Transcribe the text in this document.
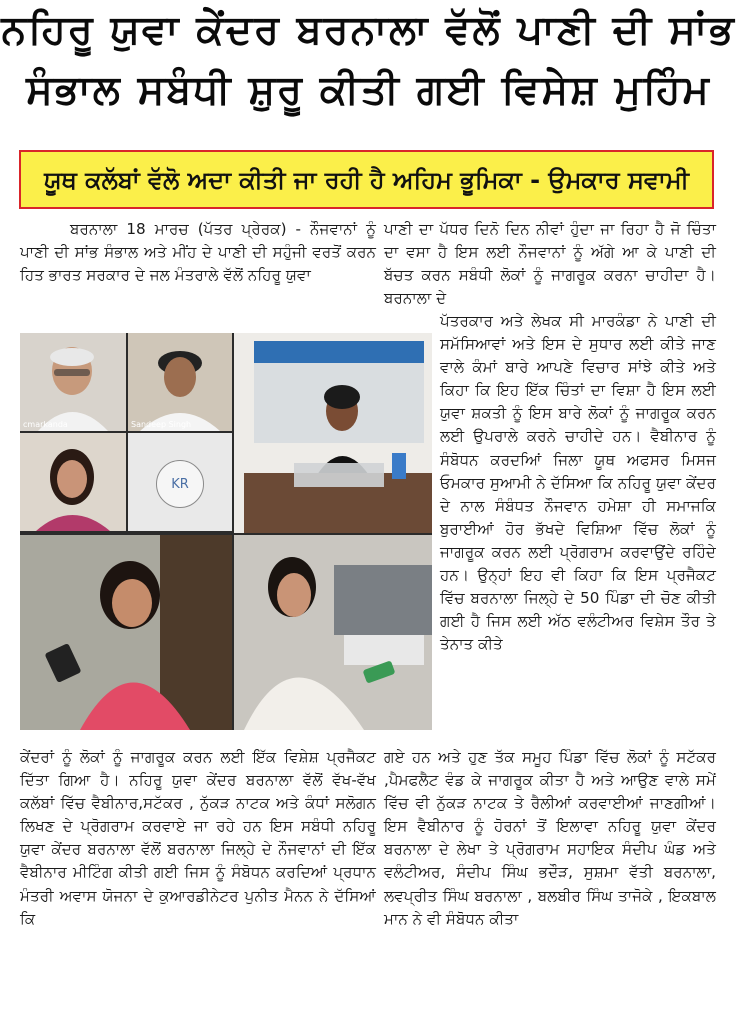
ਨਹਿਰੂ ਯੁਵਾ ਕੇਂਦਰ ਬਰਨਾਲਾ ਵੱਲੋਂ ਪਾਣੀ ਦੀ ਸਾਂਭ
ਸੰਭਾਲ ਸਬੰਧੀ ਸ਼ੁਰੂ ਕੀਤੀ ਗਈ ਵਿਸੇਸ਼ ਮੁਹਿੰਮ
ਯੂਥ ਕਲੱਬਾਂ ਵੱਲੋ ਅਦਾ ਕੀਤੀ ਜਾ ਰਹੀ ਹੈ ਅਹਿਮ ਭੂਮਿਕਾ - ਉਮਕਾਰ ਸਵਾਮੀ

ਬਰਨਾਲਾ 18 ਮਾਰਚ (ਪੱਤਰ ਪ੍ਰੇਰਕ) - ਨੌਜਵਾਨਾਂ ਨੂੰ ਪਾਣੀ ਦੀ ਸਾਂਭ ਸੰਭਾਲ ਅਤੇ ਮੀਂਹ ਦੇ ਪਾਣੀ ਦੀ ਸਹੁੰਜੀ ਵਰਤੋਂ ਕਰਨ ਹਿਤ ਭਾਰਤ ਸਰਕਾਰ ਦੇ ਜਲ ਮੰਤਰਾਲੇ ਵੱਲੋਂ ਨਹਿਰੂ ਯੁਵਾ

ਪਾਣੀ ਦਾ ਪੱਧਰ ਦਿਨੋ ਦਿਨ ਨੀਵਾਂ ਹੁੰਦਾ ਜਾ ਰਿਹਾ ਹੈ ਜੋ ਚਿੰਤਾ ਦਾ ਵਸਾ ਹੈ ਇਸ ਲਈ ਨੌਜਵਾਨਾਂ ਨੂੰ ਅੱਗੇ ਆ ਕੇ ਪਾਣੀ ਦੀ ਬੱਚਤ ਕਰਨ ਸਬੰਧੀ ਲੋਕਾਂ ਨੂੰ ਜਾਗਰੂਕ ਕਰਨਾ ਚਾਹੀਦਾ ਹੈ। ਬਰਨਾਲਾ ਦੇ

ਪੱਤਰਕਾਰ ਅਤੇ ਲੇਖਕ ਸੀ ਮਾਰਕੰਡਾ ਨੇ ਪਾਣੀ ਦੀ ਸਮੱਸਿਆਵਾਂ ਅਤੇ ਇਸ ਦੇ ਸੁਧਾਰ ਲਈ ਕੀਤੇ ਜਾਣ ਵਾਲੇ ਕੰਮਾਂ ਬਾਰੇ ਆਪਣੇ ਵਿਚਾਰ ਸਾਂਝੇ ਕੀਤੇ ਅਤੇ ਕਿਹਾ ਕਿ ਇਹ ਇੱਕ ਚਿੰਤਾਂ ਦਾ ਵਿਸ਼ਾ ਹੈ ਇਸ ਲਈ ਯੁਵਾ ਸ਼ਕਤੀ ਨੂੰ ਇਸ ਬਾਰੇ ਲੋਕਾਂ ਨੂੰ ਜਾਗਰੂਕ ਕਰਨ ਲਈ ਉਪਰਾਲੇ ਕਰਨੇ ਚਾਹੀਦੇ ਹਨ। ਵੈਬੀਨਾਰ ਨੂੰ ਸੰਬੋਧਨ ਕਰਦਆਿਂ ਜਿਲਾ ਯੂਥ ਅਫਸਰ ਮਿਸਜ ਓਮਕਾਰ ਸੁਆਮੀ ਨੇ ਦੱਸਿਆ ਕਿ ਨਹਿਰੂ ਯੁਵਾ ਕੇਂਦਰ ਦੇ ਨਾਲ ਸੰਬੰਧਤ ਨੌਜਵਾਨ ਹਮੇਸ਼ਾ ਹੀ ਸਮਾਜਕਿ ਬੁਰਾਈਆਂ ਹੋਰ ਭੱਖਦੇ ਵਿਸ਼ਿਆ ਵਿੱਚ ਲੋਕਾਂ ਨੂੰ ਜਾਗਰੂਕ ਕਰਨ ਲਈ ਪ੍ਰੋਗਰਾਮ ਕਰਵਾਉਂਦੇ ਰਹਿੰਦੇ ਹਨ। ਉਨ੍ਹਾਂ ਇਹ ਵੀ ਕਿਹਾ ਕਿ ਇਸ ਪ੍ਰਜੈਕਟ ਵਿੱਚ ਬਰਨਾਲਾ ਜਿਲ੍ਹੇ ਦੇ 50 ਪਿੰਡਾ ਦੀ ਚੋਣ ਕੀਤੀ ਗਈ ਹੈ ਜਿਸ ਲਈ ਅੱਠ ਵਲੰਟੀਅਰ ਵਿਸ਼ੇਸ ਤੌਰ ਤੇ ਤੇਨਾਤ ਕੀਤੇ

cmarkanda	Sandeep Singh
KR

ਕੇਂਦਰਾਂ ਨੂੰ ਲੋਕਾਂ ਨੂੰ ਜਾਗਰੂਕ ਕਰਨ ਲਈ ਇੱਕ ਵਿਸ਼ੇਸ਼ ਪ੍ਰਜੈਕਟ ਦਿੱਤਾ ਗਿਆ ਹੈ। ਨਹਿਰੂ ਯੁਵਾ ਕੇਂਦਰ ਬਰਨਾਲਾ ਵੱਲੋਂ ਵੱਖ-ਵੱਖ ਕਲੱਬਾਂ ਵਿੱਚ ਵੈਬੀਨਾਰ,ਸਟੱਕਰ , ਨੁੱਕੜ ਨਾਟਕ ਅਤੇ ਕੰਧਾਂ ਸਲੋਗਨ ਲਿਖਣ ਦੇ ਪ੍ਰੋਗਰਾਮ ਕਰਵਾਏ ਜਾ ਰਹੇ ਹਨ ਇਸ ਸਬੰਧੀ ਨਹਿਰੂ ਯੁਵਾ ਕੇਂਦਰ ਬਰਨਾਲਾ ਵੱਲੋਂ ਬਰਨਾਲਾ ਜਿਲ੍ਹੇ ਦੇ ਨੌਜਵਾਨਾਂ ਦੀ ਇੱਕ ਵੈਬੀਨਾਰ ਮੀਟਿੰਗ ਕੀਤੀ ਗਈ ਜਿਸ ਨੂੰ ਸੰਬੋਧਨ ਕਰਦਿਆਂ ਪ੍ਰਧਾਨ ਮੰਤਰੀ ਅਵਾਸ ਯੋਜਨਾ ਦੇ ਕੁਆਰਡੀਨੇਟਰ ਪੁਨੀਤ ਮੈਨਨ ਨੇ ਦੱਸਿਆਂ ਕਿ

ਗਏ ਹਨ ਅਤੇ ਹੁਣ ਤੱਕ ਸਮੂਹ ਪਿੰਡਾ ਵਿੱਚ ਲੋਕਾਂ ਨੂੰ ਸਟੱਕਰ ,ਪੈਮਫਲੈਟ ਵੰਡ ਕੇ ਜਾਗਰੂਕ ਕੀਤਾ ਹੈ ਅਤੇ ਆਉਣ ਵਾਲੇ ਸਮੇਂ ਵਿੱਚ ਵੀ ਨੁੱਕੜ ਨਾਟਕ ਤੇ ਰੈਲੀਆਂ ਕਰਵਾਈਆਂ ਜਾਣਗੀਆਂ। ਇਸ ਵੈਬੀਨਾਰ ਨੂੰ ਹੋਰਨਾਂ ਤੋਂ ਇਲਾਵਾ ਨਹਿਰੂ ਯੁਵਾ ਕੇਂਦਰ ਬਰਨਾਲਾ ਦੇ ਲੇਖਾ ਤੇ ਪ੍ਰੋਗਰਾਮ ਸਹਾਇਕ ਸੰਦੀਪ ਘੰਡ ਅਤੇ ਵਲੰਟੀਅਰ, ਸੰਦੀਪ ਸਿੰਘ ਭਦੌੜ, ਸੁਸ਼ਮਾ ਵੱਤੀ ਬਰਨਾਲਾ, ਲਵਪ੍ਰੀਤ ਸਿੰਘ ਬਰਨਾਲਾ , ਬਲਬੀਰ ਸਿੰਘ ਤਾਜੋਕੇ , ਇਕਬਾਲ ਮਾਨ ਨੇ ਵੀ ਸੰਬੋਧਨ ਕੀਤਾ
